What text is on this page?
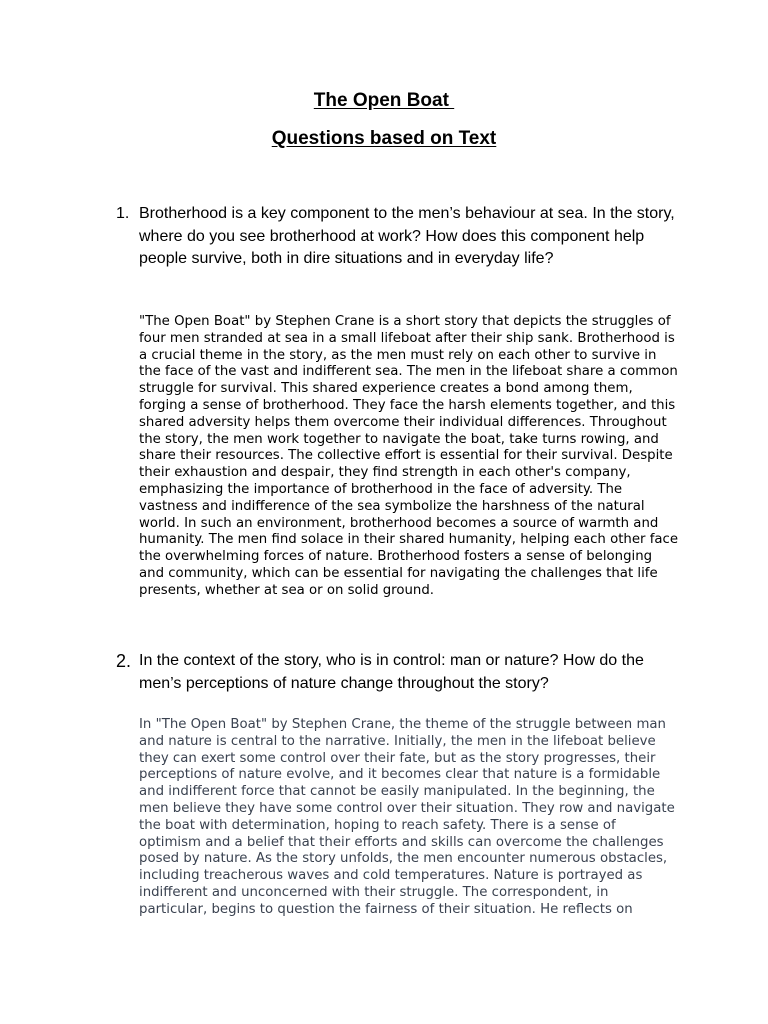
The Open Boat
Questions based on Text
1. Brotherhood is a key component to the men’s behaviour at sea. In the story, where do you see brotherhood at work? How does this component help people survive, both in dire situations and in everyday life?
"The Open Boat" by Stephen Crane is a short story that depicts the struggles of four men stranded at sea in a small lifeboat after their ship sank. Brotherhood is a crucial theme in the story, as the men must rely on each other to survive in the face of the vast and indifferent sea. The men in the lifeboat share a common struggle for survival. This shared experience creates a bond among them, forging a sense of brotherhood. They face the harsh elements together, and this shared adversity helps them overcome their individual differences. Throughout the story, the men work together to navigate the boat, take turns rowing, and share their resources. The collective effort is essential for their survival. Despite their exhaustion and despair, they find strength in each other's company, emphasizing the importance of brotherhood in the face of adversity. The vastness and indifference of the sea symbolize the harshness of the natural world. In such an environment, brotherhood becomes a source of warmth and humanity. The men find solace in their shared humanity, helping each other face the overwhelming forces of nature. Brotherhood fosters a sense of belonging and community, which can be essential for navigating the challenges that life presents, whether at sea or on solid ground.
2. In the context of the story, who is in control: man or nature? How do the men’s perceptions of nature change throughout the story?
In "The Open Boat" by Stephen Crane, the theme of the struggle between man and nature is central to the narrative. Initially, the men in the lifeboat believe they can exert some control over their fate, but as the story progresses, their perceptions of nature evolve, and it becomes clear that nature is a formidable and indifferent force that cannot be easily manipulated. In the beginning, the men believe they have some control over their situation. They row and navigate the boat with determination, hoping to reach safety. There is a sense of optimism and a belief that their efforts and skills can overcome the challenges posed by nature. As the story unfolds, the men encounter numerous obstacles, including treacherous waves and cold temperatures. Nature is portrayed as indifferent and unconcerned with their struggle. The correspondent, in particular, begins to question the fairness of their situation. He reflects on
